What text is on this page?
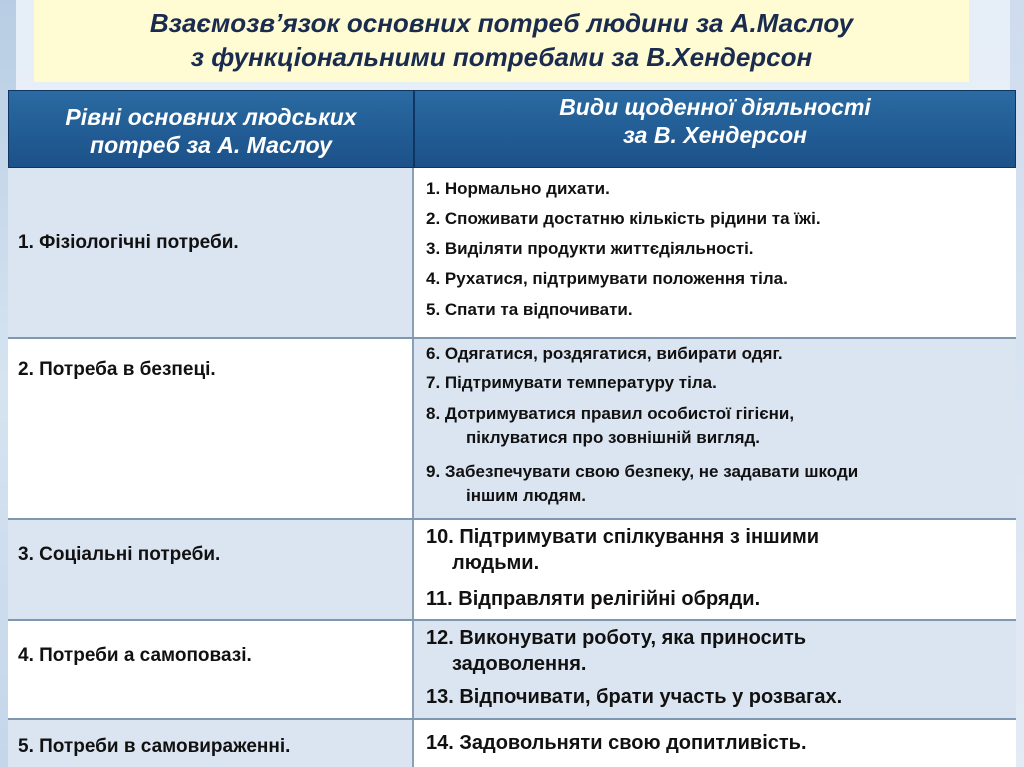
Взаємозв’язок основних потреб людини за А.Маслоу
з функціональними потребами за В.Хендерсон
Рівні основних людських
потреб за А. Маслоу
Види щоденної діяльності
за В. Хендерсон
1. Фізіологічні потреби.
1. Нормально дихати.
2. Споживати достатню кількість рідини та їжі.
3. Виділяти продукти життєдіяльності.
4. Рухатися, підтримувати положення тіла.
5. Спати та відпочивати.
2. Потреба в безпеці.
6. Одягатися, роздягатися, вибирати одяг.
7. Підтримувати температуру тіла.
8. Дотримуватися правил особистої гігієни,
піклуватися про зовнішній вигляд.
9. Забезпечувати свою безпеку, не задавати шкоди
іншим людям.
3. Соціальні потреби.
10. Підтримувати спілкування з іншими
людьми.
11. Відправляти релігійні обряди.
4. Потреби а самоповазі.
12. Виконувати роботу, яка приносить
задоволення.
13. Відпочивати, брати участь у розвагах.
5. Потреби в самовираженні.	14. Задовольняти свою допитливість.
